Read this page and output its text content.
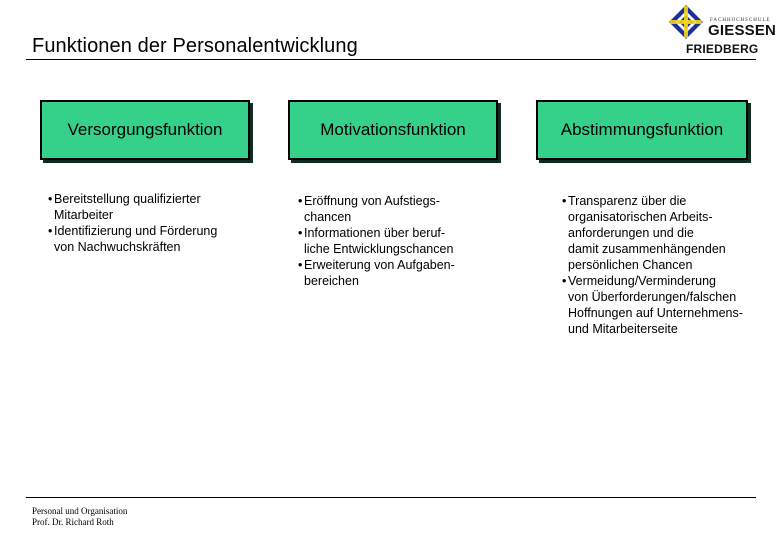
Funktionen der Personalentwicklung
FACHHOCHSCHULE
GIESSEN
FRIEDBERG
Versorgungsfunktion	Motivationsfunktion	Abstimmungsfunktion
• Bereitstellung qualifizierter
Mitarbeiter
• Identifizierung und Förderung
von Nachwuchskräften
• Eröffnung von Aufstiegs-
chancen
• Informationen über beruf-
liche Entwicklungschancen
• Erweiterung von Aufgaben-
bereichen
• Transparenz über die
organisatorischen Arbeits-
anforderungen und die
damit zusammenhängenden
persönlichen Chancen
• Vermeidung/Verminderung
von Überforderungen/falschen
Hoffnungen auf Unternehmens-
und Mitarbeiterseite
Personal und Organisation
Prof. Dr. Richard Roth
